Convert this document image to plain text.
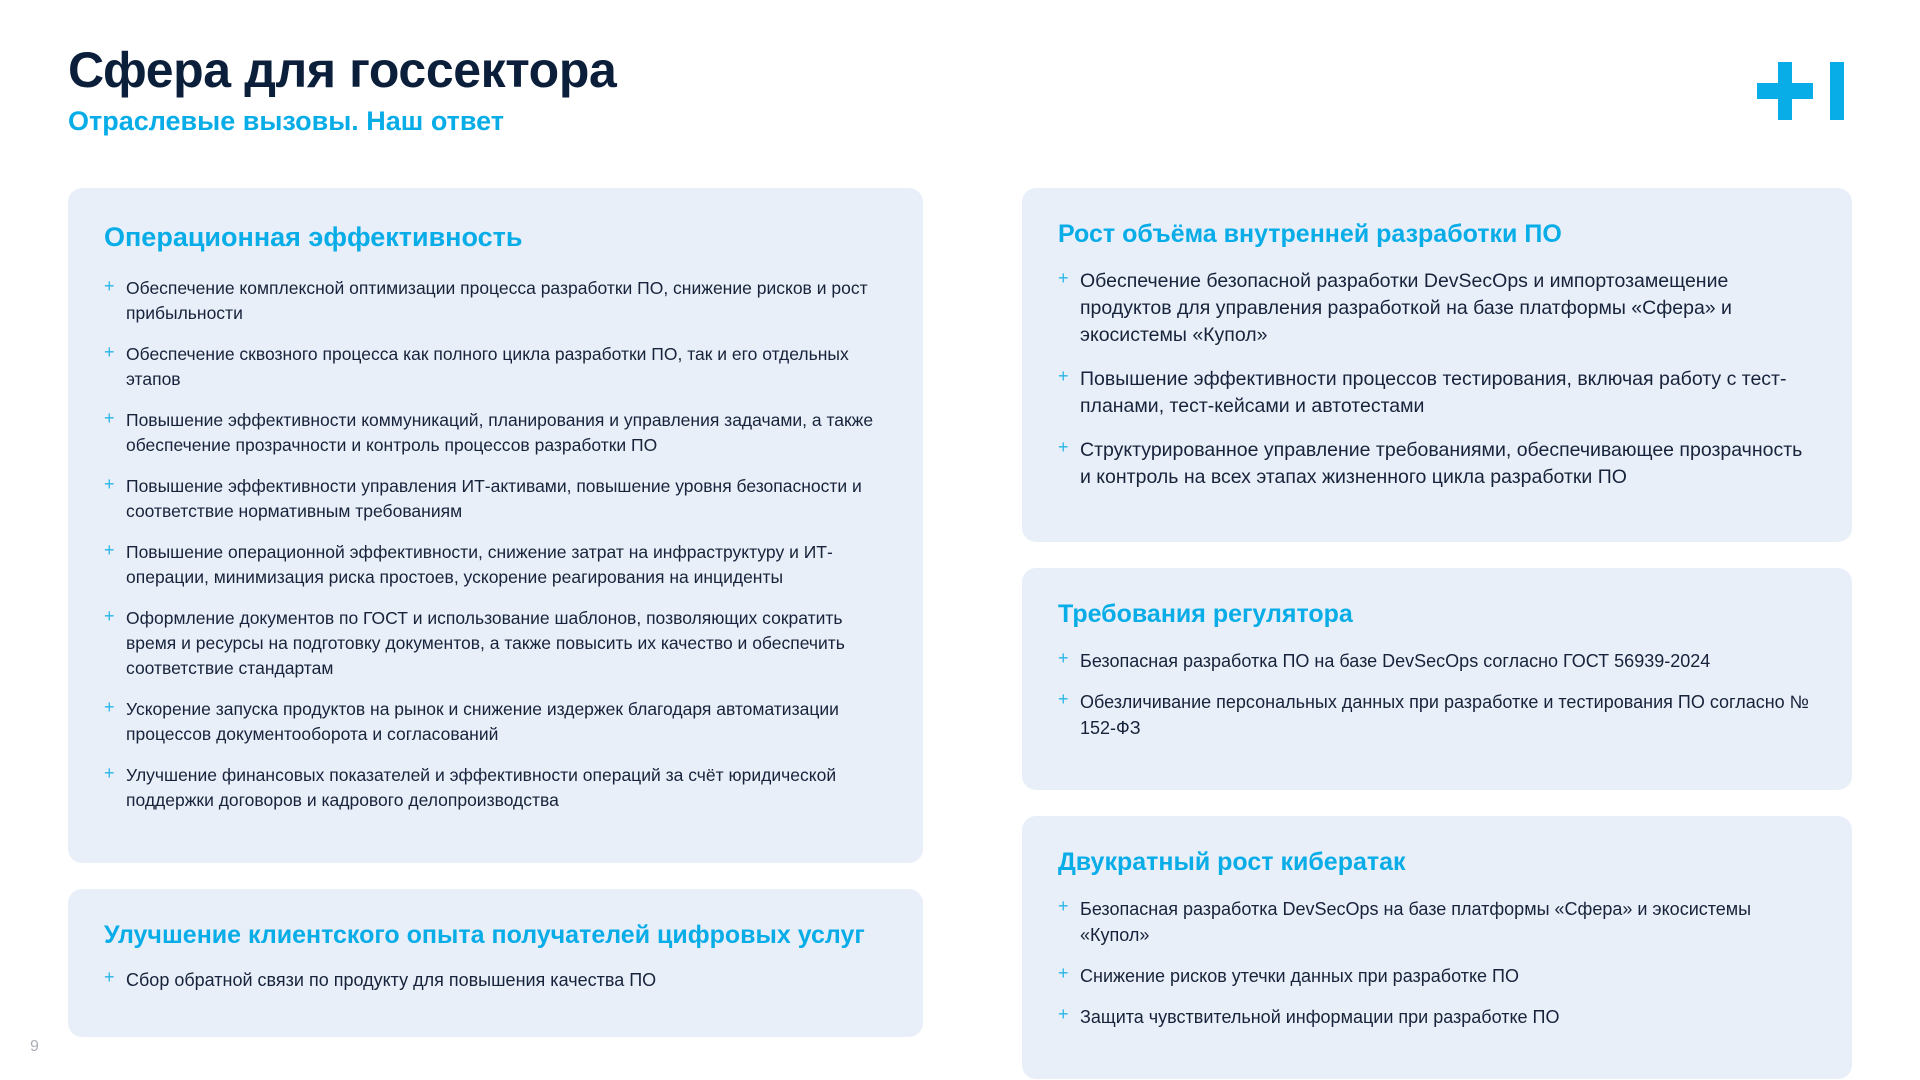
Сфера для госсектора
Отраслевые вызовы. Наш ответ
Операционная эффективность
+ Обеспечение комплексной оптимизации процесса разработки ПО, снижение рисков и рост прибыльности
+ Обеспечение сквозного процесса как полного цикла разработки ПО, так и его отдельных этапов
+ Повышение эффективности коммуникаций, планирования и управления задачами, а также обеспечение прозрачности и контроль процессов разработки ПО
+ Повышение эффективности управления ИТ-активами, повышение уровня безопасности и соответствие нормативным требованиям
+ Повышение операционной эффективности, снижение затрат на инфраструктуру и ИТ-операции, минимизация риска простоев, ускорение реагирования на инциденты
+ Оформление документов по ГОСТ и использование шаблонов, позволяющих сократить время и ресурсы на подготовку документов, а также повысить их качество и обеспечить соответствие стандартам
+ Ускорение запуска продуктов на рынок и снижение издержек благодаря автоматизации процессов документооборота и согласований
+ Улучшение финансовых показателей и эффективности операций за счёт юридической поддержки договоров и кадрового делопроизводства
Улучшение клиентского опыта получателей цифровых услуг
+ Сбор обратной связи по продукту для повышения качества ПО
Рост объёма внутренней разработки ПО
+ Обеспечение безопасной разработки DevSecOps и импортозамещение продуктов для управления разработкой на базе платформы «Сфера» и экосистемы «Купол»
+ Повышение эффективности процессов тестирования, включая работу с тест-планами, тест-кейсами и автотестами
+ Структурированное управление требованиями, обеспечивающее прозрачность и контроль на всех этапах жизненного цикла разработки ПО
Требования регулятора
+ Безопасная разработка ПО на базе DevSecOps согласно ГОСТ 56939-2024
+ Обезличивание персональных данных при разработке и тестирования ПО согласно № 152-ФЗ
Двукратный рост кибератак
+ Безопасная разработка DevSecOps на базе платформы «Сфера» и экосистемы «Купол»
+ Снижение рисков утечки данных при разработке ПО
+ Защита чувствительной информации при разработке ПО
9
